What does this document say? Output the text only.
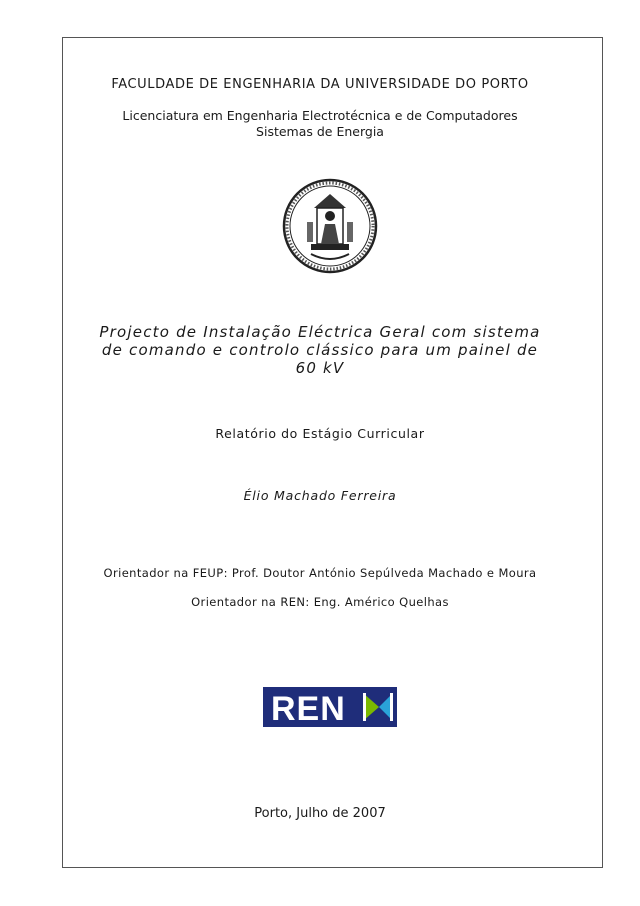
FACULDADE DE ENGENHARIA DA UNIVERSIDADE DO PORTO
Licenciatura em Engenharia Electrotécnica e de Computadores
Sistemas de Energia
Projecto de Instalação Eléctrica Geral com sistema
de comando e controlo clássico para um painel de
60 kV
Relatório do Estágio Curricular
Élio Machado Ferreira
Orientador na FEUP: Prof. Doutor António Sepúlveda Machado e Moura
Orientador na REN: Eng. Américo Quelhas
REN
Porto, Julho de 2007
